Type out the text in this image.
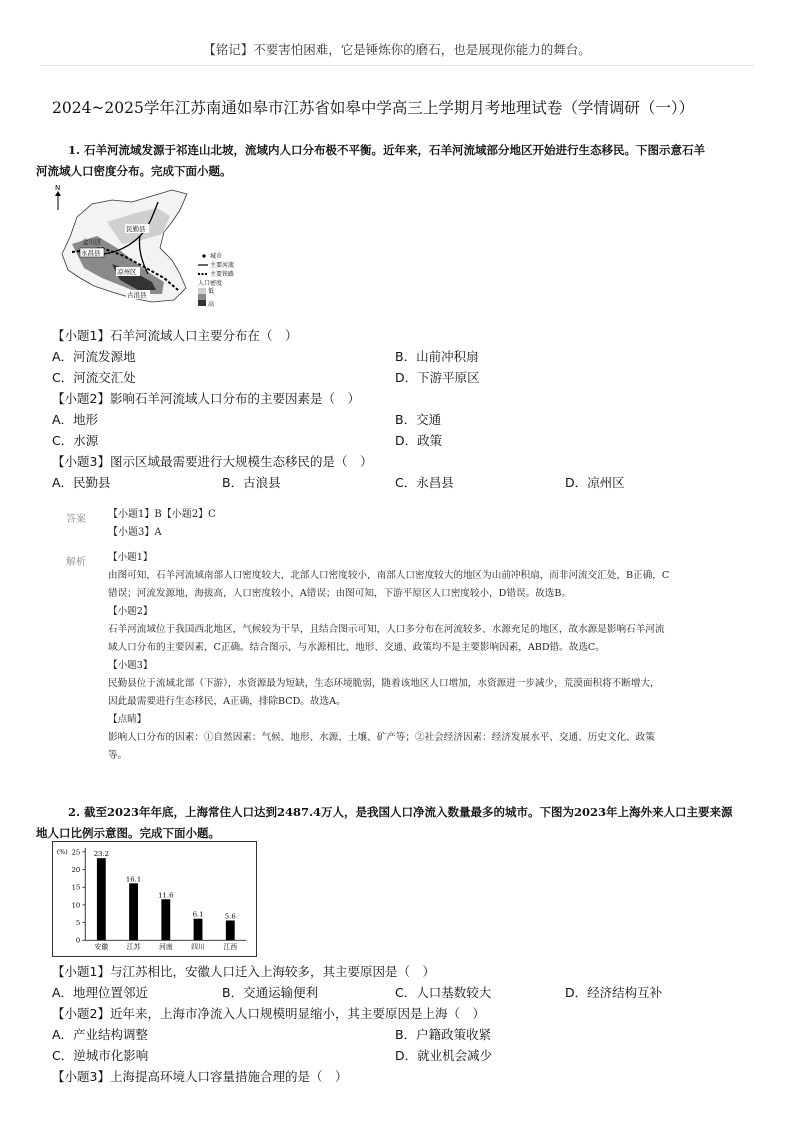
【铭记】不要害怕困难，它是锤炼你的磨石，也是展现你能力的舞台。
2024~2025学年江苏南通如皋市江苏省如皋中学高三上学期月考地理试卷（学情调研（一））
1. 石羊河流域发源于祁连山北坡，流域内人口分布极不平衡。近年来，石羊河流域部分地区开始进行生态移民。下图示意石羊
河流域人口密度分布。完成下面小题。
N
民勤县
金川区
永昌县
凉州区
古浪县
城市
主要河流
主要铁路
人口密度
低
高
【小题1】石羊河流域人口主要分布在（　）
A．河流发源地	B．山前冲积扇
C．河流交汇处	D．下游平原区
【小题2】影响石羊河流域人口分布的主要因素是（　）
A．地形	B．交通
C．水源	D．政策
【小题3】图示区域最需要进行大规模生态移民的是（　）
A．民勤县	B．古浪县	C．永昌县	D．凉州区
答案 【小题1】B【小题2】C
【小题3】A
解析 【小题1】
由图可知，石羊河流域南部人口密度较大，北部人口密度较小，南部人口密度较大的地区为山前冲积扇，而非河流交汇处，B正确，C
错误；河流发源地，海拔高，人口密度较小，A错误；由图可知，下游平原区人口密度较小，D错误。故选B。
【小题2】
石羊河流域位于我国西北地区，气候较为干旱，且结合图示可知，人口多分布在河流较多、水源充足的地区，故水源是影响石羊河流
域人口分布的主要因素，C正确。结合图示，与水源相比，地形、交通、政策均不是主要影响因素，ABD错。故选C。
【小题3】
民勤县位于流域北部（下游），水资源最为短缺，生态环境脆弱，随着该地区人口增加，水资源进一步减少，荒漠面积将不断增大，
因此最需要进行生态移民，A正确，排除BCD。故选A。
【点睛】
影响人口分布的因素：①自然因素：气候、地形、水源、土壤、矿产等；②社会经济因素：经济发展水平、交通、历史文化、政策
等。
2. 截至2023年年底，上海常住人口达到2487.4万人，是我国人口净流入数量最多的城市。下图为2023年上海外来人口主要来源
地人口比例示意图。完成下面小题。
(%)
0
5
10
15
20
25 23.2
安徽
16.1
江苏
11.6
河南
6.1
四川
5.6
江西
【小题1】与江苏相比，安徽人口迁入上海较多，其主要原因是（　）
A．地理位置邻近	B．交通运输便利	C．人口基数较大	D．经济结构互补
【小题2】近年来，上海市净流入人口规模明显缩小，其主要原因是上海（　）
A．产业结构调整	B．户籍政策收紧
C．逆城市化影响	D．就业机会减少
【小题3】上海提高环境人口容量措施合理的是（　）
